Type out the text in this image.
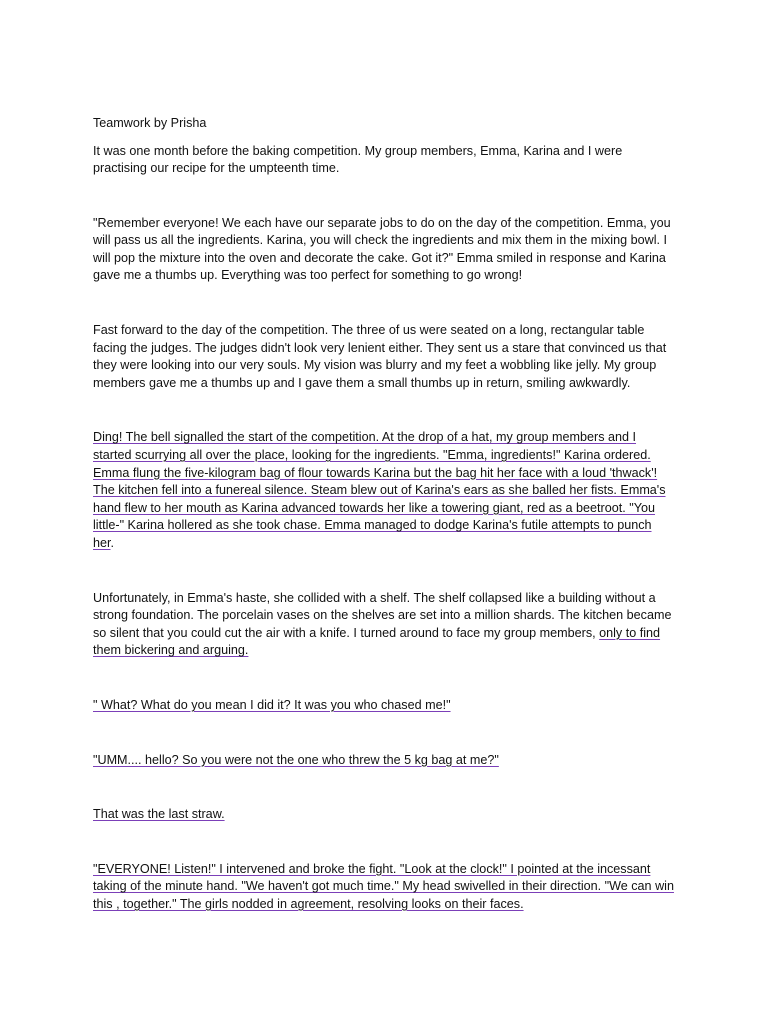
Teamwork by Prisha

It was one month before the baking competition. My group members, Emma, Karina and I were practising our recipe for the umpteenth time.

"Remember everyone! We each have our separate jobs to do on the day of the competition. Emma, you will pass us all the ingredients. Karina, you will check the ingredients and mix them in the mixing bowl. I will pop the mixture into the oven and decorate the cake. Got it?" Emma smiled in response and Karina gave me a thumbs up. Everything was too perfect for something to go wrong!

Fast forward to the day of the competition. The three of us were seated on a long, rectangular table facing the judges. The judges didn't look very lenient either. They sent us a stare that convinced us that they were looking into our very souls. My vision was blurry and my feet a wobbling like jelly. My group members gave me a thumbs up and I gave them a small thumbs up in return, smiling awkwardly.

Ding! The bell signalled the start of the competition. At the drop of a hat, my group members and I started scurrying all over the place, looking for the ingredients. "Emma, ingredients!" Karina ordered. Emma flung the five-kilogram bag of flour towards Karina but the bag hit her face with a loud 'thwack'! The kitchen fell into a funereal silence. Steam blew out of Karina's ears as she balled her fists. Emma's hand flew to her mouth as Karina advanced towards her like a towering giant, red as a beetroot. "You little-" Karina hollered as she took chase. Emma managed to dodge Karina's futile attempts to punch her.

Unfortunately, in Emma's haste, she collided with a shelf. The shelf collapsed like a building without a strong foundation. The porcelain vases on the shelves are set into a million shards. The kitchen became so silent that you could cut the air with a knife. I turned around to face my group members, only to find them bickering and arguing.

" What? What do you mean I did it? It was you who chased me!"

"UMM.... hello? So you were not the one who threw the 5 kg bag at me?"

That was the last straw.

"EVERYONE! Listen!" I intervened and broke the fight. "Look at the clock!" I pointed at the incessant taking of the minute hand. "We haven't got much time." My head swivelled in their direction. "We can win this , together." The girls nodded in agreement, resolving looks on their faces.
